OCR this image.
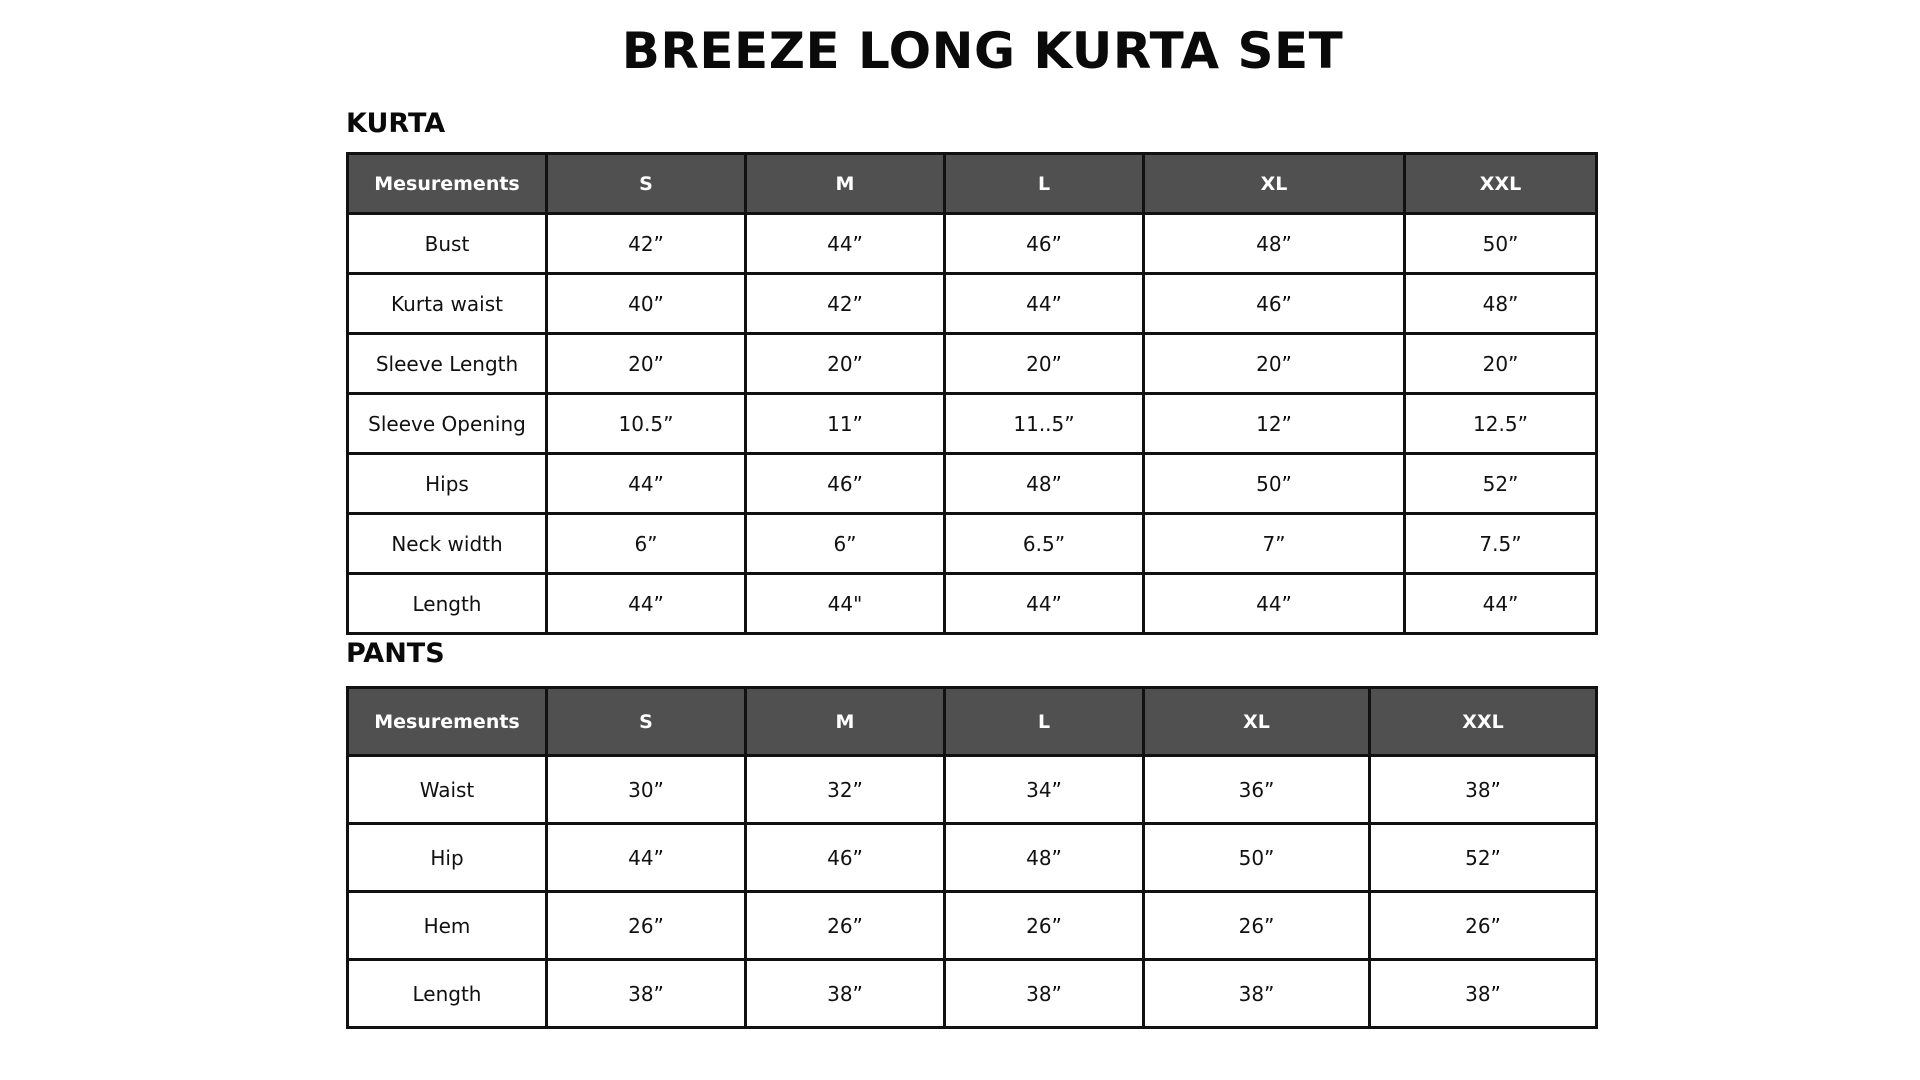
BREEZE LONG KURTA SET
KURTA
Mesurements	S	M	L	XL	XXL
Bust	42”	44”	46”	48”	50”
Kurta waist	40”	42”	44”	46”	48”
Sleeve Length	20”	20”	20”	20”	20”
Sleeve Opening	10.5”	11”	11..5”	12”	12.5”
Hips	44”	46”	48”	50”	52”
Neck width	6”	6”	6.5”	7”	7.5”
Length	44”	44"	44”	44”	44”
PANTS
Mesurements	S	M	L	XL	XXL
Waist	30”	32”	34”	36”	38”
Hip	44”	46”	48”	50”	52”
Hem	26”	26”	26”	26”	26”
Length	38”	38”	38”	38”	38”
